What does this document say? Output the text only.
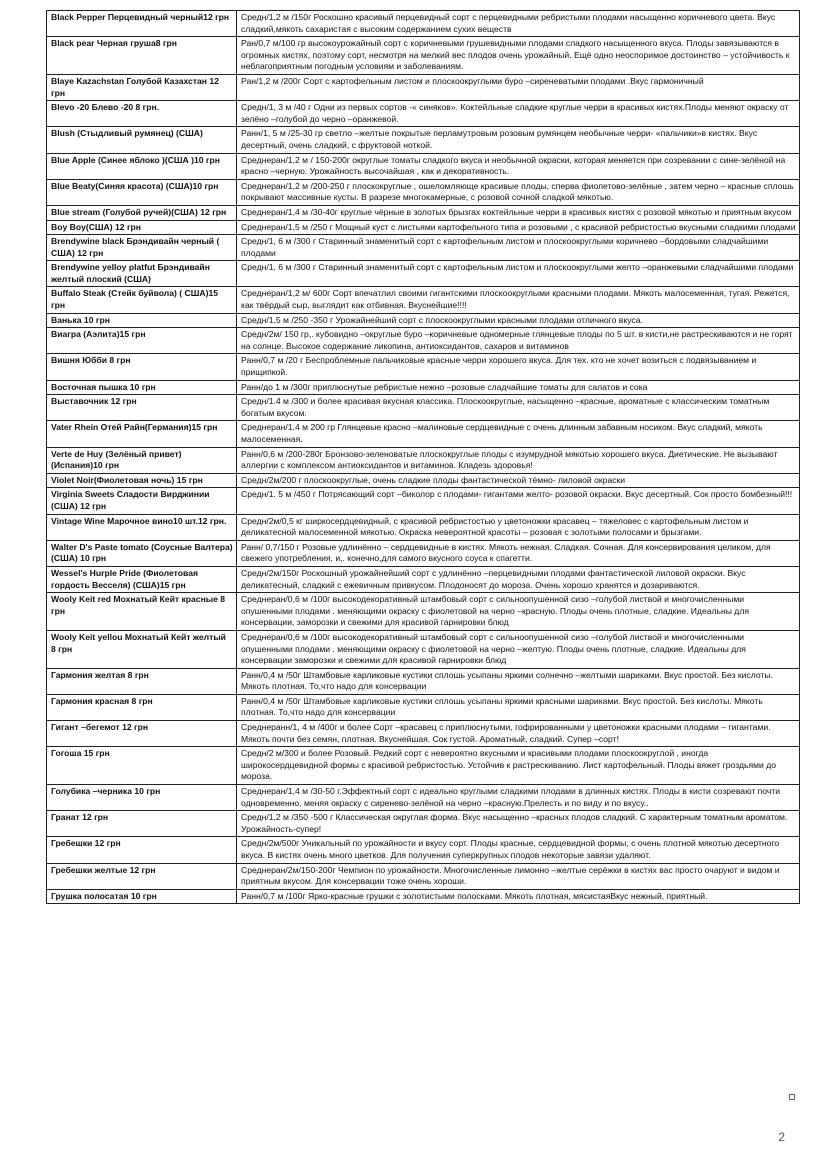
Black Pepper Перцевидный черный12 грн	Средн/1,2 м /150г Роскошно красивый перцевидный сорт с перцевидными ребристыми плодами насыщенно коричневого цвета. Вкус сладкий,мякоть сахаристая с высоким содержанием сухих веществ
Black pear Черная груша8 грн	Ран/0,7 м/100 гр высокоурожайный сорт с коричневыми грушевидными плодами сладкого насыщенного вкуса. Плоды завязываются в огромных кистях, поэтому сорт, несмотря на мелкий вес плодов очень урожайный. Ещё одно неоспоримое достоинство – устойчивость к неблагоприятным погодным условиям и заболеваниям.
Blaye Kazachstan Голубой Казахстан 12 грн	Ран/1,2 м /200г Сорт с картофельным листом и плоскоокруглыми буро –сиреневатыми плодами .Вкус гармоничный
Blevo -20 Блево -20 8 грн.	Средн/1, 3 м /40 г Одни из первых сортов -« синяков». Коктейльные сладкие круглые черри в красивых кистях.Плоды меняют окраску от зелёно –голубой до черно –оранжевой.
Blush (Стыдливый румянец) (США)	Ранн/1, 5 м /25-30 гр светло –желтые покрытые перламутровым розовым румянцем необычные черри- «пальчики»в кистях. Вкус десертный, очень сладкий, с фруктовой ноткой.
Blue Apple (Синее яблоко )(США )10 грн	Среднеран/1,2 м / 150-200г округлые томаты сладкого вкуса и необычной окраски, которая меняется при созревании с сине-зелёной на красно –черную. Урожайность высочайшая , как и декоративность.
Blue Beaty(Синяя красота) (США)10 грн	Среднеран/1,2 м /200-250 г плоскокруглые , ошеломляюще красивые плоды, сперва фиолетово-зелёные , затем черно – красные сплошь покрывают массивные кусты. В разрезе многокамерные, с розовой сочной сладкой мякотью.
Blue stream (Голубой ручей)(США) 12 грн	Среднеран/1,4 м /30-40г круглые чёрные в золотых брызгах коктейльные черри в красивых кистях с розовой мякотью и приятным вкусом
Boy Boy(США) 12 грн	Среднеран/1,5 м /250 г Мощный куст с листьями картофельного типа и розовыми , с красивой ребристостью вкусными сладкими плодами
Brendywine black Брэндивайн черный ( США) 12 грн	Средн/1, 6 м /300 г Старинный знаменитый сорт с картофельным листом и плоскоокруглыми коричнево –бордовыми сладчайшими плодами
Brendywine yelloy platfut Брэндивайн желтый плоский (США)	Средн/1, 6 м /300 г Старинный знаменитый сорт с картофельным листом и плоскоокруглыми желто –оранжевыми сладчайшими плодами
Buffalo Steak (Стейк буйвола) ( США)15 грн	Среднеран/1,2 м/ 600г Сорт впечатлил своими гигантскими плоскоокруглыми красными плодами. Мякоть малосеменная, тугая. Режется, как твёрдый сыр, выглядит как отбивная. Вкуснейшие!!!!
Ванька 10 грн	Средн/1,5 м /250 -350 г Урожайнейший сорт с плоскоокруглыми красными плодами отличного вкуса.
Виагра (Аэлита)15 грн	Средн/2м/ 150 гр,. кубовидно –округлые буро –коричневые одномерные глянцевые плоды по 5 шт. в кисти,не растрескиваются и не горят на солнце. Высокое содержание ликопина, антиоксидантов, сахаров и витаминов
Вишня Юбби 8 грн	Ранн/0,7 м /20 г Беспроблемные пальчиковые красные черри хорошего вкуса. Для тех. кто не хочет возиться с подвязыванием и прищипкой.
Восточная пышка 10 грн	Ранн/до 1 м /300г приплюснутые ребристые нежно –розовые сладчайшие томаты для салатов и сока
Выставочник 12 грн	Средн/1.4 м /300 и более красивая вкусная классика. Плоскоокруглые, насыщенно –красные, ароматные с классическим томатным богатым вкусом.
Vater Rhein Отей Райн(Германия)15 грн	Среднеран/1,4 м 200 гр Глянцевые красно –малиновые сердцевидные с очень длинным забавным носиком. Вкус сладкий, мякоть малосеменная.
Verte de Huy (Зелёный привет)(Испания)10 грн	Ранн/0,6 м /200-280г Бронзово-зеленоватые плоскокруглые плоды с изумрудной мякотью хорошего вкуса. Диетические. Не вызывают аллергии с комплексом антиоксидантов и витаминов. Кладезь здоровья!
Violet Noir(Фиолетовая ночь) 15 грн	Средн/2м/200 г плоскоокруглые, очень сладкие плоды фантастической тёмно- лиловой окраски
Virginia Sweets Сладости Вирджинии (США) 12 грн	Средн/1. 5 м /450 г Потрясающий сорт –биколор с плодами- гигантами желто- розовой окраски. Вкус десертный. Сок просто бомбезный!!!
Vintage Wine Марочное вино10 шт.12 грн.	Средн/2м/0,5 кг ширкосердцевидный, с красивой ребристостью у цветоножки красавец – тяжеловес с картофельным листом и деликатесной малосеменной мякотью. Окраска невероятной красоты – розовая с золотыми полосами и брызгами.
Walter D's Paste tomato (Соусные Валтера)(США) 10 грн	Ранн/ 0,7/150 г Розовые удлинённо – сердцевидные в кистях. Мякоть нежная. Сладкая. Сочная. Для консервирования целиком, для свежего употребления, и,. конечно,для самого вкусного соуса к спагетти.
Wessel's Hurple Pride (Фиолетовая гордость Весселя) (США)15 грн	Средн/2м/150г Роскошный урожайнейший сорт с удлинённо –перцевидными плодами фантастической лиловой окраски. Вкус деликатесный, сладкий с ежевичным привкусом. Плодоносят до мороза. Очень хорошо хранятся и дозариваются.
Wooly Keit red Мохнатый Кейт красные 8 грн	Среднеран/0,6 м /100г высокодекоративный штамбовый сорт с сильноопушенной сизо –голубой листвой и многочисленными опушенными плодами . меняющими окраску с фиолетовой на черно –красную. Плоды очень плотные, сладкие. Идеальны для консервации, заморозки и свежими для красивой гарнировки блюд
Wooly Keit yellou Мохнатый Кейт желтый 8 грн	Среднеран/0,6 м /100г высокодекоративный штамбовый сорт с сильноопушенной сизо –голубой листвой и многочисленными опушенными плодами . меняющими окраску с фиолетовой на черно –желтую. Плоды очень плотные, сладкие. Идеальны для консервации заморозки и свежими для красивой гарнировки блюд
Гармония желтая 8 грн	Ранн/0,4 м /50г Штамбовые карликовые кустики сплошь усыпаны яркими солнечно –желтыми шариками. Вкус простой. Без кислоты. Мякоть плотная. То,что надо для консервации
Гармония красная 8 грн	Ранн/0,4 м /50г Штамбовые карликовые кустики сплошь усыпаны яркими красными шариками. Вкус простой. Без кислоты. Мякоть плотная. То,что надо для консервации
Гигант –бегемот 12 грн	Среднеранн/1, 4 м /400г и более Сорт –красавец с приплюснутыми, гофрированными у цветоножки красными плодами – гигантами. Мякоть почти без семян, плотная. Вкуснейшая. Сок густой. Ароматный, сладкий. Супер –сорт!
Гогоша 15 грн	Средн/2 м/300 и более Розовый. Редкий сорт с невероятно вкусными и красивыми плодами плоскоокруглой , иногда широкосердцевидной формы с красивой ребристостью. Устойчив к растрескиванию. Лист картофельный. Плоды вяжет гроздьями до мороза.
Голубика –черника 10 грн	Среднеран/1,4 м /30-50 г.Эффектный сорт с идеально круглыми сладкими плодами в длинных кистях. Плоды в кисти созревают почти одновременно, меняя окраску с сиренево-зелёной на черно –красную.Прелесть и по виду и по вкусу..
Гранат 12 грн	Средн/1,2 м /350 -500 г Классическая округлая форма. Вкус насыщенно –красных плодов сладкий. С характерным томатным ароматом. Урожайность-супер!
Гребешки 12 грн	Средн/2м/500г Уникальный по урожайности и вкусу сорт. Плоды красные, сердцевидной формы, с очень плотной мякотью десертного вкуса. В кистях очень много цветков. Для получения суперкрупных плодов некоторые завязи удаляют.
Гребешки желтые 12 грн	Среднеран/2м/150-200г Чемпион по урожайности. Многочисленные лимонно –желтые серёжки в кистях вас просто очаруют и видом и приятным вкусом. Для консервации тоже очень хороши.
Грушка полосатая 10 грн	Ранн/0,7 м /100г Ярко-красные грушки с золотистыми полосками. Мякоть плотная, мясистаяВкус нежный, приятный.
2
